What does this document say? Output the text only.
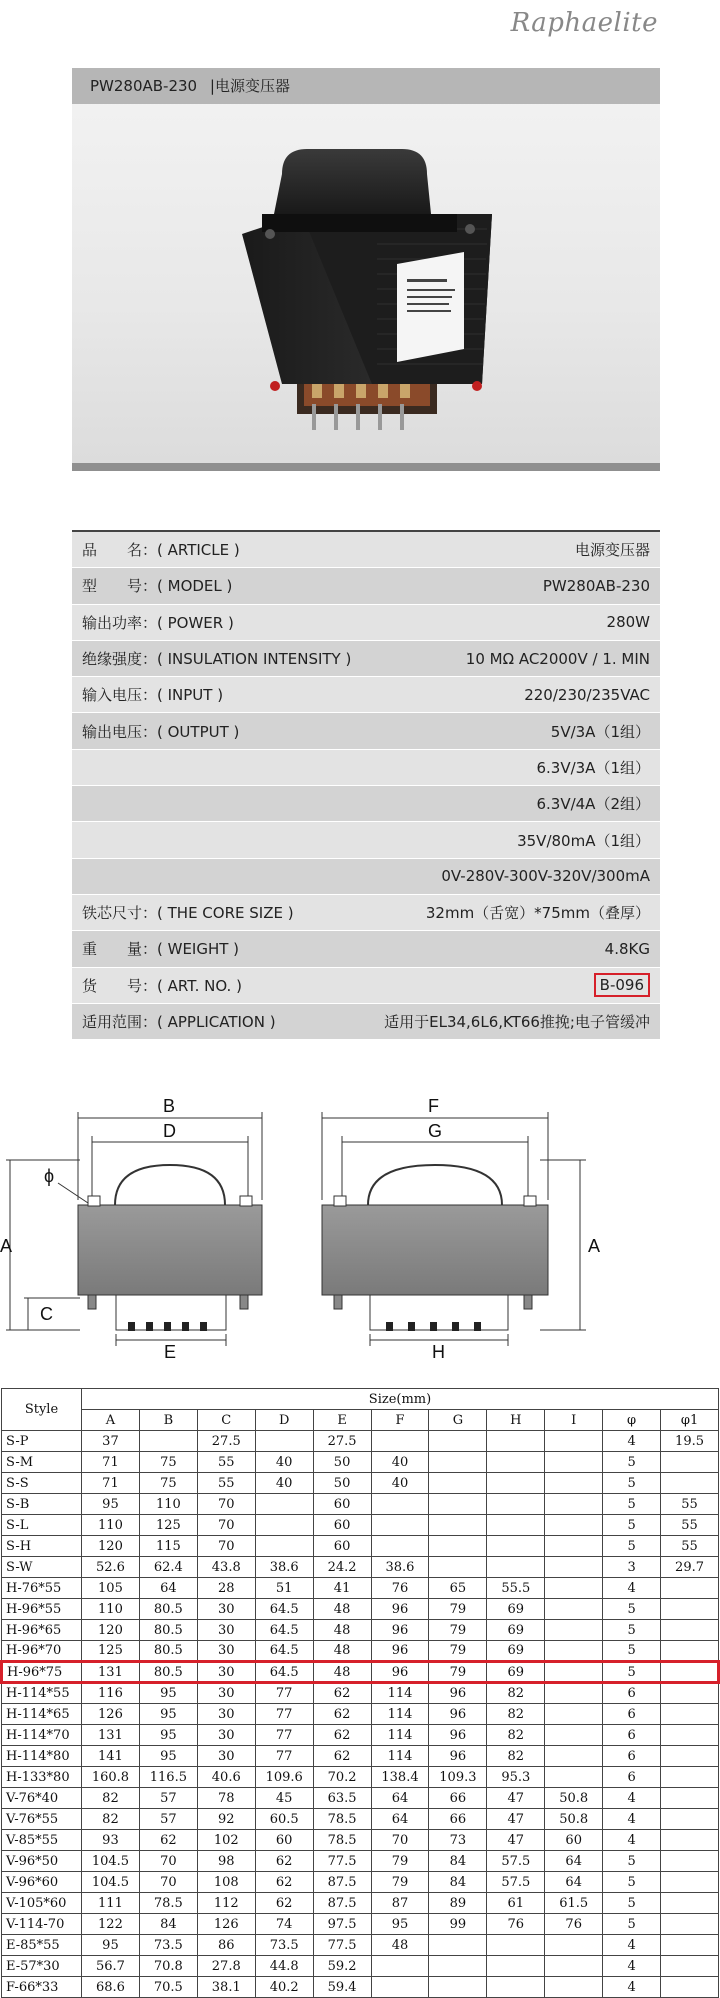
Raphaelite
PW280AB-230 |电源变压器
品　　名：( ARTICLE )	电源变压器
型　　号：( MODEL )	PW280AB-230
输出功率：( POWER )	280W
绝缘强度：( INSULATION INTENSITY )	10 MΩ AC2000V / 1. MIN
输入电压：( INPUT )	220/230/235VAC
输出电压：( OUTPUT )	5V/3A（1组）
6.3V/3A（1组）
6.3V/4A（2组）
35V/80mA（1组）
0V-280V-300V-320V/300mA
铁芯尺寸：( THE CORE SIZE )	32mm（舌宽）*75mm（叠厚）
重　　量：( WEIGHT )	4.8KG
货　　号：( ART. NO. )	B-096
适用范围：( APPLICATION )	适用于EL34,6L6,KT66推挽;电子管缓冲
B
D
ϕ
A
C
E
F
G
A
H
Style	Size(mm)										
	A	B	C	D	E	F	G	H	I	φ	φ1
S-P	37		27.5		27.5					4	19.5
S-M	71	75	55	40	50	40				5	
S-S	71	75	55	40	50	40				5	
S-B	95	110	70		60					5	55
S-L	110	125	70		60					5	55
S-H	120	115	70		60					5	55
S-W	52.6	62.4	43.8	38.6	24.2	38.6				3	29.7
H-76*55	105	64	28	51	41	76	65	55.5		4	
H-96*55	110	80.5	30	64.5	48	96	79	69		5	
H-96*65	120	80.5	30	64.5	48	96	79	69		5	
H-96*70	125	80.5	30	64.5	48	96	79	69		5	
H-96*75	131	80.5	30	64.5	48	96	79	69		5	
H-114*55	116	95	30	77	62	114	96	82		6	
H-114*65	126	95	30	77	62	114	96	82		6	
H-114*70	131	95	30	77	62	114	96	82		6	
H-114*80	141	95	30	77	62	114	96	82		6	
H-133*80	160.8	116.5	40.6	109.6	70.2	138.4	109.3	95.3		6	
V-76*40	82	57	78	45	63.5	64	66	47	50.8	4	
V-76*55	82	57	92	60.5	78.5	64	66	47	50.8	4	
V-85*55	93	62	102	60	78.5	70	73	47	60	4	
V-96*50	104.5	70	98	62	77.5	79	84	57.5	64	5	
V-96*60	104.5	70	108	62	87.5	79	84	57.5	64	5	
V-105*60	111	78.5	112	62	87.5	87	89	61	61.5	5	
V-114-70	122	84	126	74	97.5	95	99	76	76	5	
E-85*55	95	73.5	86	73.5	77.5	48				4	
E-57*30	56.7	70.8	27.8	44.8	59.2					4	
F-66*33	68.6	70.5	38.1	40.2	59.4					4	
